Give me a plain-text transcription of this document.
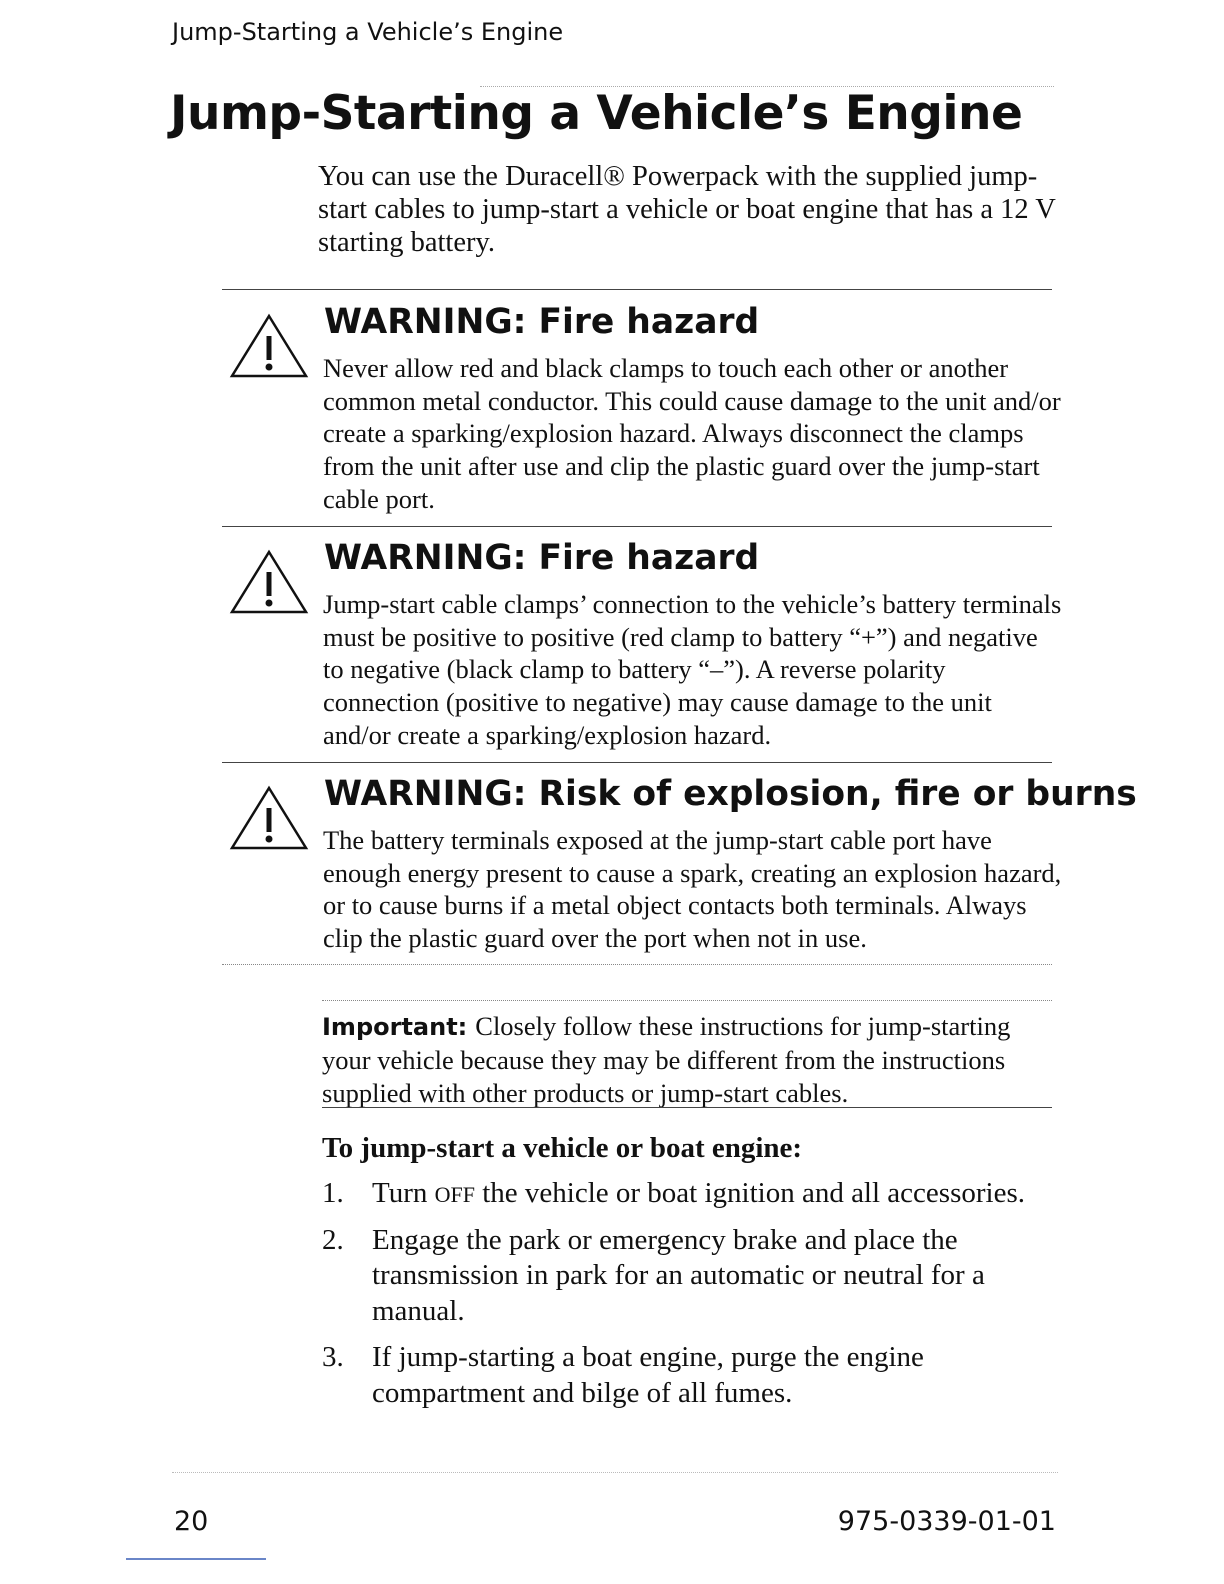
Jump-Starting a Vehicle’s Engine
Jump-Starting a Vehicle’s Engine

You can use the Duracell® Powerpack with the supplied jump-start cables to jump-start a vehicle or boat engine that has a 12 V starting battery.

WARNING: Fire hazard

Never allow red and black clamps to touch each other or another common metal conductor. This could cause damage to the unit and/or create a sparking/explosion hazard. Always disconnect the clamps from the unit after use and clip the plastic guard over the jump-start cable port.

WARNING: Fire hazard

Jump-start cable clamps’ connection to the vehicle’s battery terminals must be positive to positive (red clamp to battery “+”) and negative to negative (black clamp to battery “–”). A reverse polarity connection (positive to negative) may cause damage to the unit and/or create a sparking/explosion hazard.

WARNING: Risk of explosion, fire or burns

The battery terminals exposed at the jump-start cable port have enough energy present to cause a spark, creating an explosion hazard, or to cause burns if a metal object contacts both terminals. Always clip the plastic guard over the port when not in use.

Important: Closely follow these instructions for jump-starting your vehicle because they may be different from the instructions supplied with other products or jump-start cables.

To jump-start a vehicle or boat engine:
1. Turn OFF the vehicle or boat ignition and all accessories.
2. Engage the park or emergency brake and place the transmission in park for an automatic or neutral for a manual.
3. If jump-starting a boat engine, purge the engine compartment and bilge of all fumes.
20	975-0339-01-01
